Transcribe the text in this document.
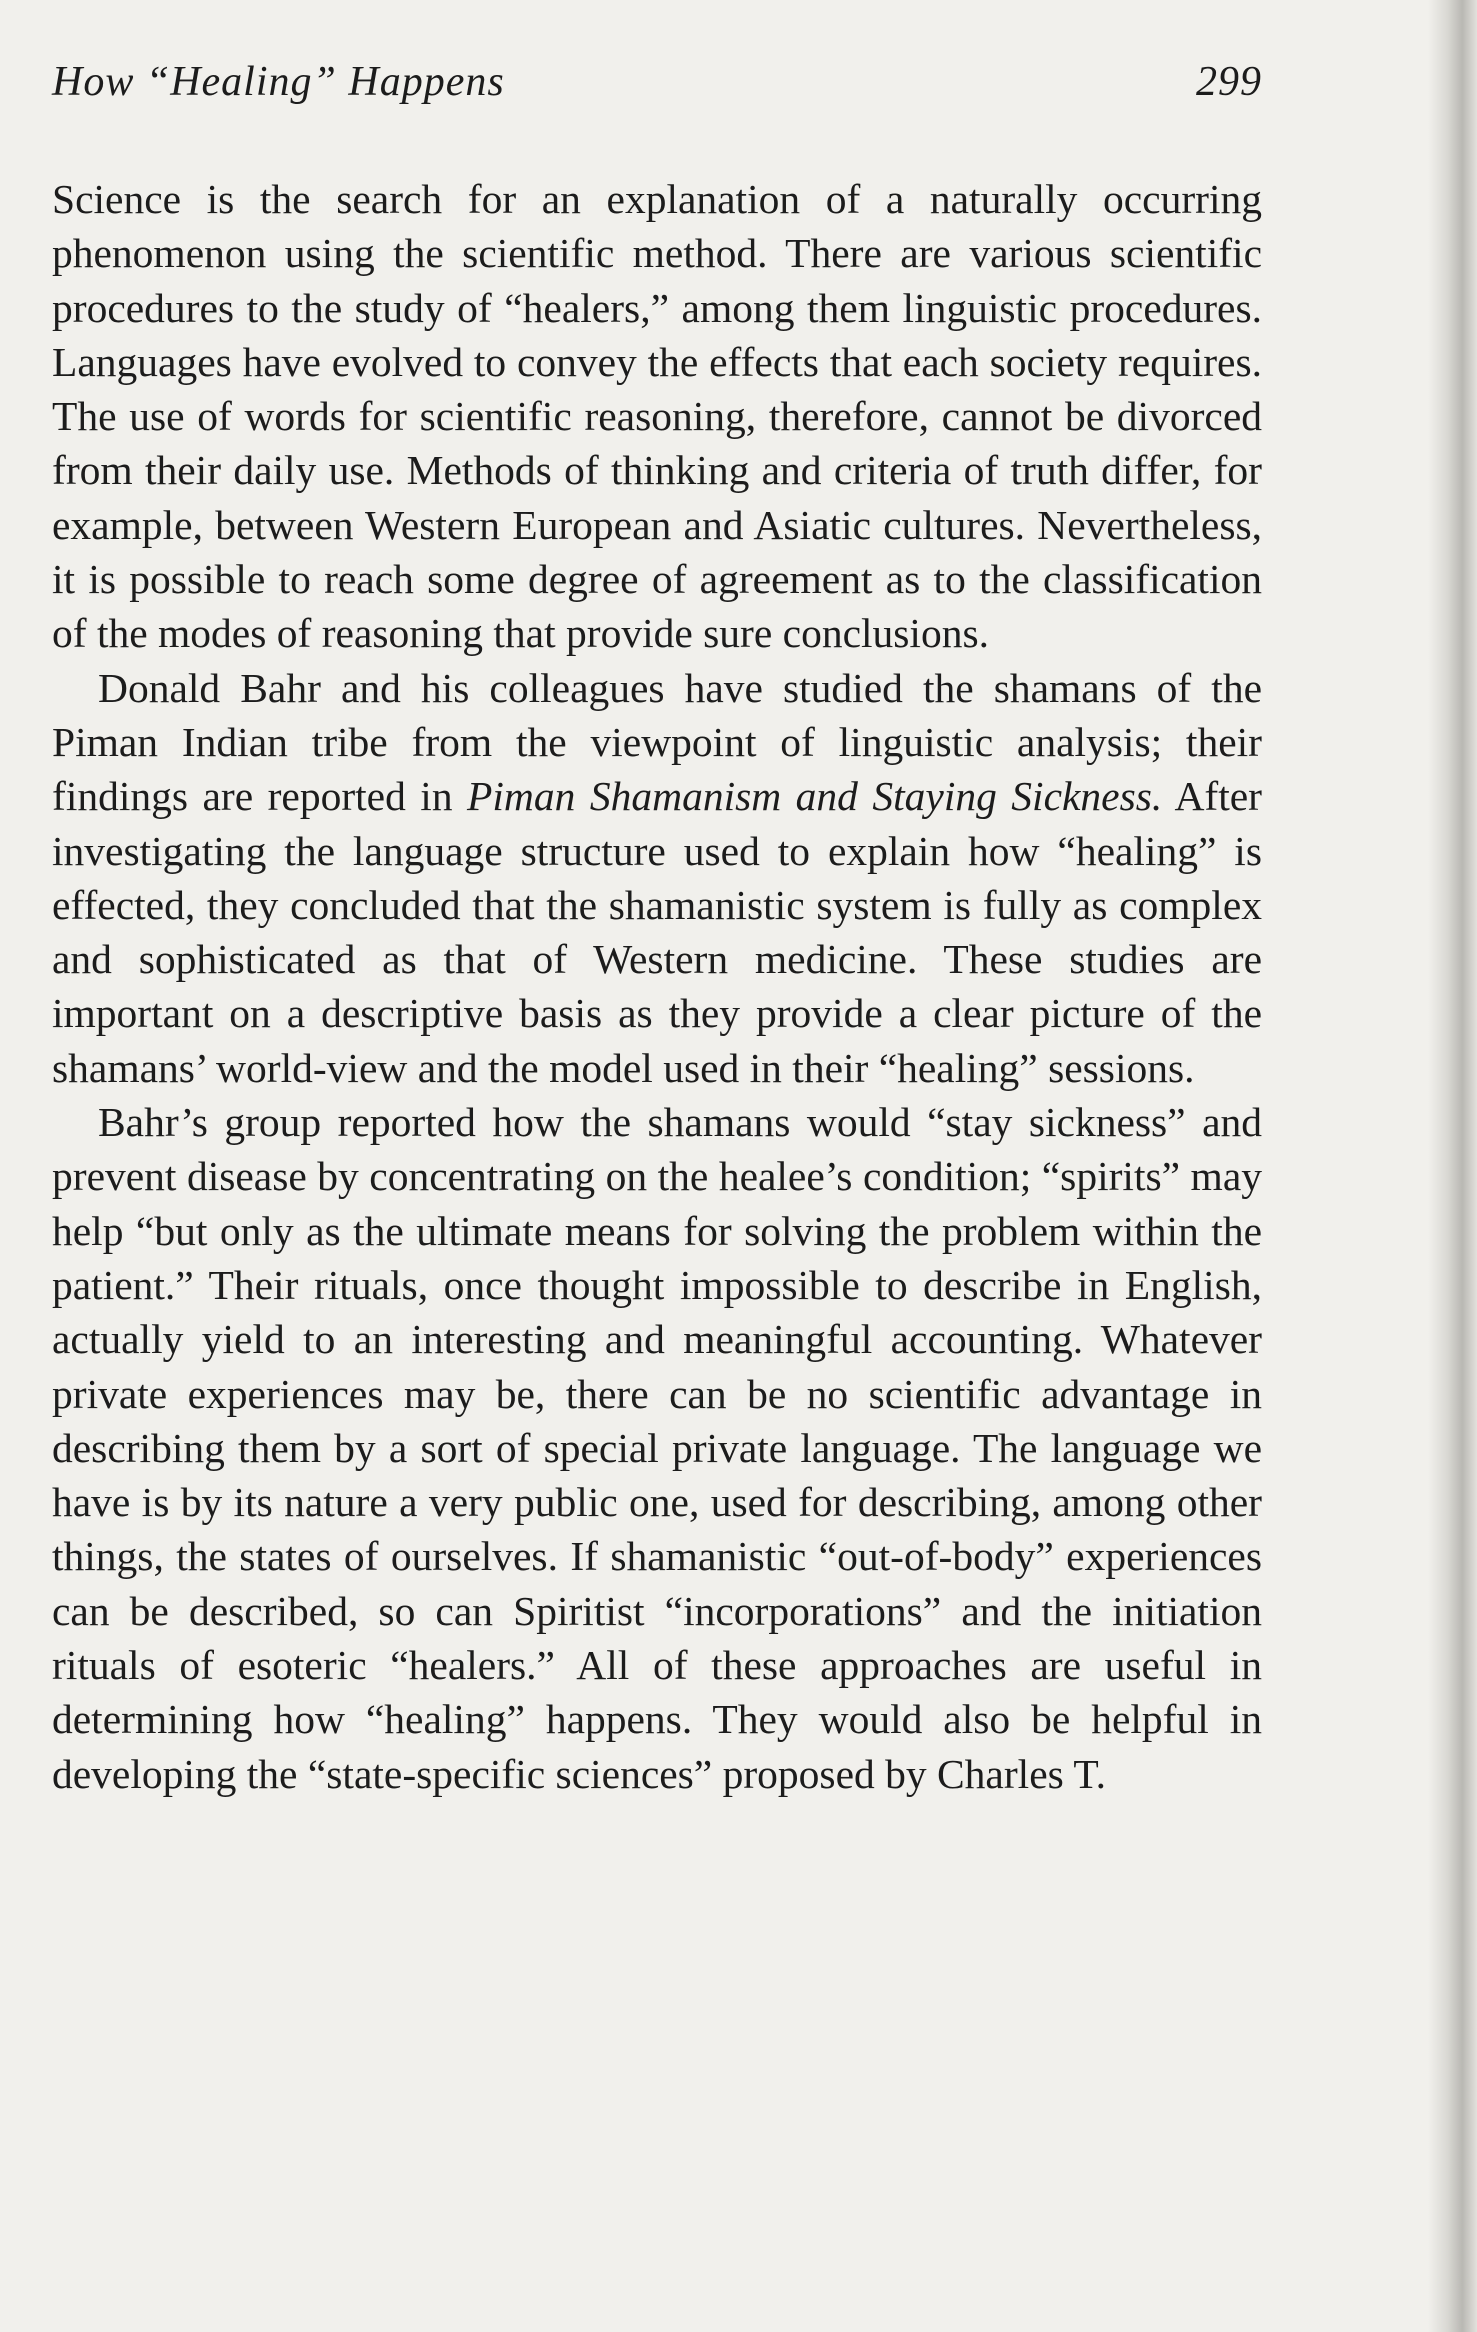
How “Healing” Happens	299

Science is the search for an explanation of a naturally occurring phenomenon using the scientific method. There are various scientific procedures to the study of “healers,” among them linguistic procedures. Languages have evolved to convey the effects that each society requires. The use of words for scientific reasoning, therefore, cannot be divorced from their daily use. Methods of thinking and criteria of truth differ, for example, between Western European and Asiatic cultures. Nevertheless, it is possible to reach some degree of agreement as to the classification of the modes of reasoning that provide sure conclusions.

Donald Bahr and his colleagues have studied the shamans of the Piman Indian tribe from the viewpoint of linguistic analysis; their findings are reported in Piman Shamanism and Staying Sickness. After investigating the language structure used to explain how “healing” is effected, they concluded that the shamanistic system is fully as complex and sophisticated as that of Western medicine. These studies are important on a descriptive basis as they provide a clear picture of the shamans’ world-view and the model used in their “healing” sessions.

Bahr’s group reported how the shamans would “stay sickness” and prevent disease by concentrating on the healee’s condition; “spirits” may help “but only as the ultimate means for solving the problem within the patient.” Their rituals, once thought impossible to describe in English, actually yield to an interesting and meaningful accounting. Whatever private experiences may be, there can be no scientific advantage in describing them by a sort of special private language. The language we have is by its nature a very public one, used for describing, among other things, the states of ourselves. If shamanistic “out-of-body” experiences can be described, so can Spiritist “incorporations” and the initiation rituals of esoteric “healers.” All of these approaches are useful in determining how “healing” happens. They would also be helpful in developing the “state-specific sciences” proposed by Charles T.
